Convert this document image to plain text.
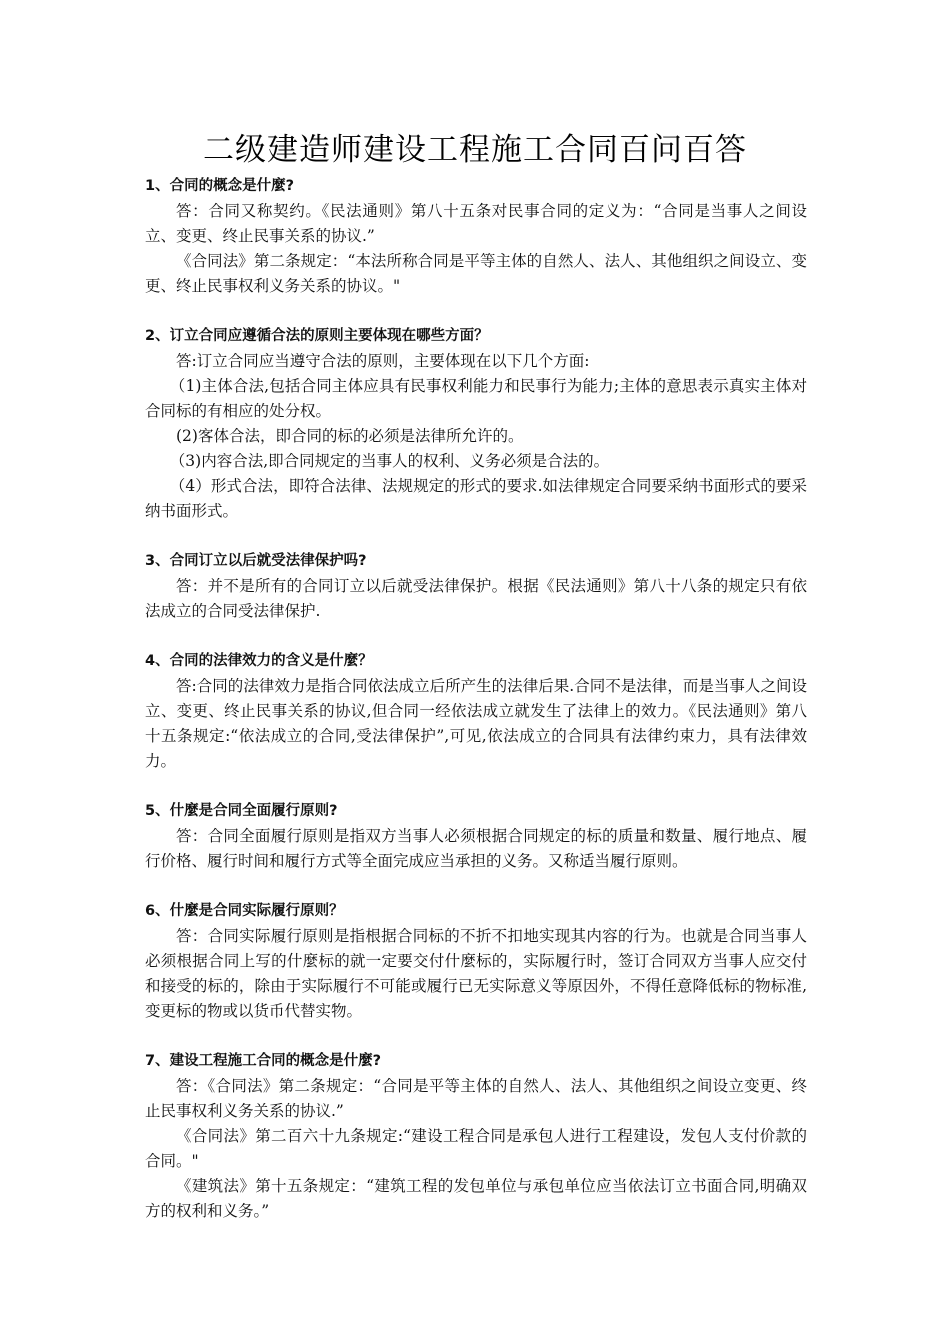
二级建造师建设工程施工合同百问百答

1、合同的概念是什麼?

答：合同又称契约。《民法通则》第八十五条对民事合同的定义为：“合同是当事人之间设立、变更、终止民事关系的协议.”

《合同法》第二条规定：“本法所称合同是平等主体的自然人、法人、其他组织之间设立、变更、终止民事权利义务关系的协议。"

2、订立合同应遵循合法的原则主要体现在哪些方面？

答:订立合同应当遵守合法的原则，主要体现在以下几个方面:

（1)主体合法,包括合同主体应具有民事权利能力和民事行为能力;主体的意思表示真实主体对合同标的有相应的处分权。

(2)客体合法，即合同的标的必须是法律所允许的。

（3)内容合法,即合同规定的当事人的权利、义务必须是合法的。

（4）形式合法，即符合法律、法规规定的形式的要求.如法律规定合同要采纳书面形式的要采纳书面形式。

3、合同订立以后就受法律保护吗?

答：并不是所有的合同订立以后就受法律保护。根据《民法通则》第八十八条的规定只有依法成立的合同受法律保护.

4、合同的法律效力的含义是什麼？

答:合同的法律效力是指合同依法成立后所产生的法律后果.合同不是法律，而是当事人之间设立、变更、终止民事关系的协议,但合同一经依法成立就发生了法律上的效力。《民法通则》第八十五条规定:“依法成立的合同,受法律保护”,可见,依法成立的合同具有法律约束力，具有法律效力。

5、什麼是合同全面履行原则?

答：合同全面履行原则是指双方当事人必须根据合同规定的标的质量和数量、履行地点、履行价格、履行时间和履行方式等全面完成应当承担的义务。又称适当履行原则。

6、什麼是合同实际履行原则？

答：合同实际履行原则是指根据合同标的不折不扣地实现其内容的行为。也就是合同当事人必须根据合同上写的什麼标的就一定要交付什麼标的，实际履行时，签订合同双方当事人应交付和接受的标的，除由于实际履行不可能或履行已无实际意义等原因外，不得任意降低标的物标准,变更标的物或以货币代替实物。

7、建设工程施工合同的概念是什麼?

答：《合同法》第二条规定：“合同是平等主体的自然人、法人、其他组织之间设立变更、终止民事权利义务关系的协议.”

《合同法》第二百六十九条规定:“建设工程合同是承包人进行工程建设，发包人支付价款的合同。"

《建筑法》第十五条规定：“建筑工程的发包单位与承包单位应当依法订立书面合同,明确双方的权利和义务。”
